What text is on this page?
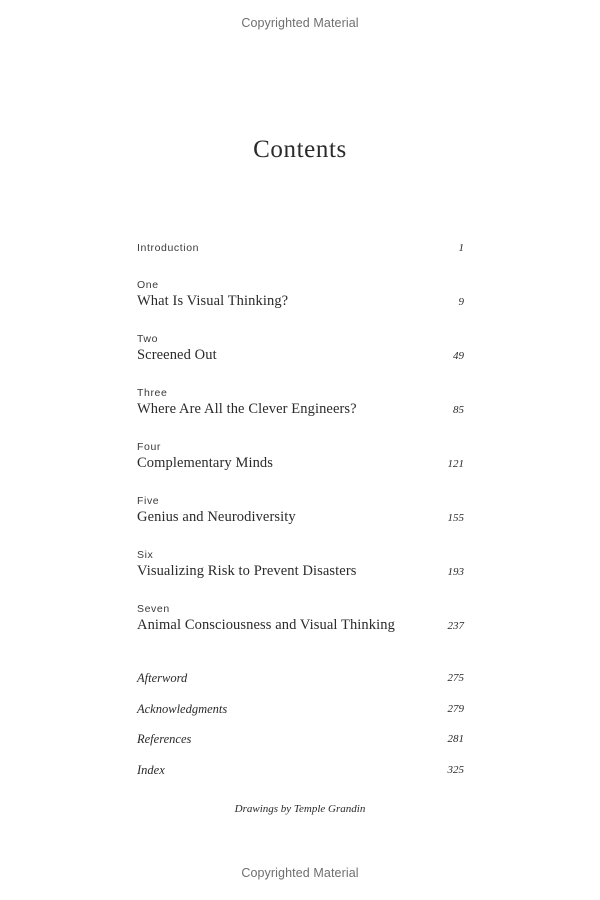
Copyrighted Material
Contents
Introduction	1
One
What Is Visual Thinking?	9
Two
Screened Out	49
Three
Where Are All the Clever Engineers?	85
Four
Complementary Minds	121
Five
Genius and Neurodiversity	155
Six
Visualizing Risk to Prevent Disasters	193
Seven
Animal Consciousness and Visual Thinking	237
Afterword	275
Acknowledgments	279
References	281
Index	325
Drawings by Temple Grandin
Copyrighted Material
